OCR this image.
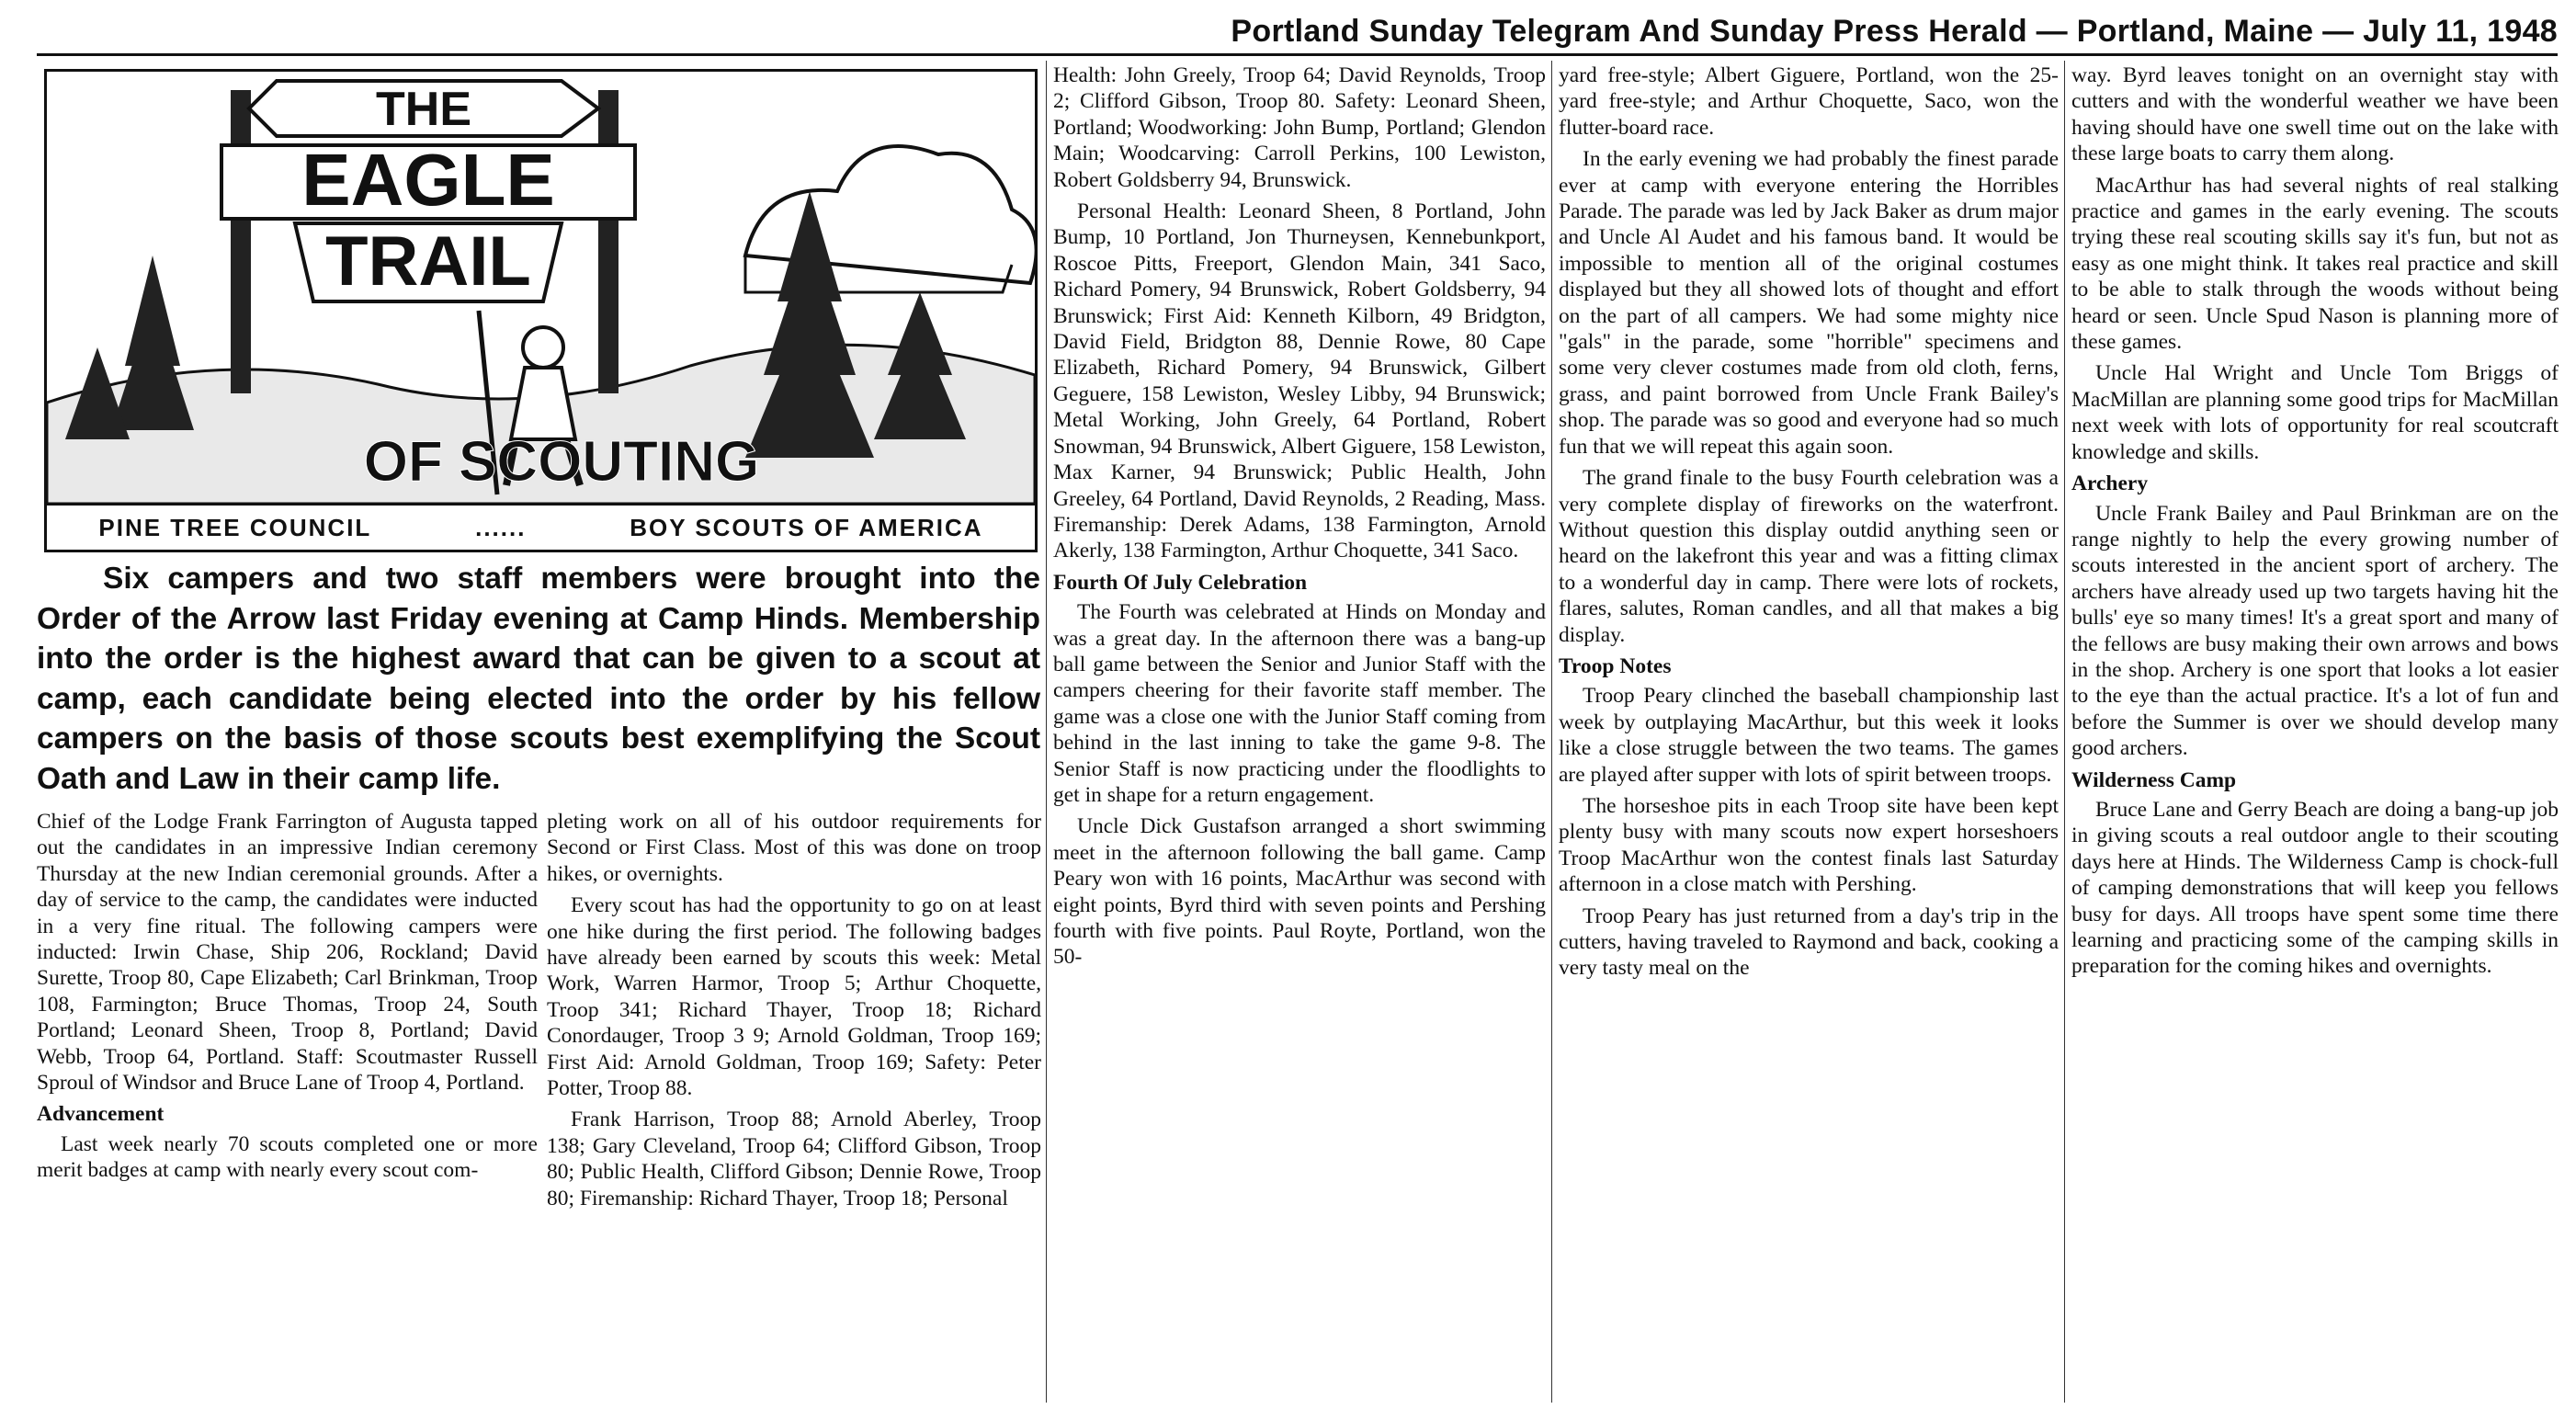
Portland Sunday Telegram And Sunday Press Herald — Portland, Maine — July 11, 1948
THE
EAGLE
TRAIL
OF SCOUTING
PINE TREE COUNCIL	......	BOY SCOUTS OF AMERICA

Six campers and two staff members were brought into the Order of the Arrow last Friday evening at Camp Hinds. Membership into the order is the highest award that can be given to a scout at camp, each candidate being elected into the order by his fellow campers on the basis of those scouts best exemplifying the Scout Oath and Law in their camp life.

Chief of the Lodge Frank Farrington of Augusta tapped out the candidates in an impressive Indian ceremony Thursday at the new Indian ceremonial grounds. After a day of service to the camp, the candidates were inducted in a very fine ritual. The following campers were inducted: Irwin Chase, Ship 206, Rockland; David Surette, Troop 80, Cape Elizabeth; Carl Brinkman, Troop 108, Farmington; Bruce Thomas, Troop 24, South Portland; Leonard Sheen, Troop 8, Portland; David Webb, Troop 64, Portland. Staff: Scoutmaster Russell Sproul of Windsor and Bruce Lane of Troop 4, Portland.

Advancement

Last week nearly 70 scouts completed one or more merit badges at camp with nearly every scout com-

pleting work on all of his outdoor requirements for Second or First Class. Most of this was done on troop hikes, or overnights.

Every scout has had the opportunity to go on at least one hike during the first period. The following badges have already been earned by scouts this week: Metal Work, Warren Harmor, Troop 5; Arthur Choquette, Troop 341; Richard Thayer, Troop 18; Richard Conordauger, Troop 3 9; Arnold Goldman, Troop 169; First Aid: Arnold Goldman, Troop 169; Safety: Peter Potter, Troop 88.

Frank Harrison, Troop 88; Arnold Aberley, Troop 138; Gary Cleveland, Troop 64; Clifford Gibson, Troop 80; Public Health, Clifford Gibson; Dennie Rowe, Troop 80; Firemanship: Richard Thayer, Troop 18; Personal

Health: John Greely, Troop 64; David Reynolds, Troop 2; Clifford Gibson, Troop 80. Safety: Leonard Sheen, Portland; Woodworking: John Bump, Portland; Glendon Main; Woodcarving: Carroll Perkins, 100 Lewiston, Robert Goldsberry 94, Brunswick.

Personal Health: Leonard Sheen, 8 Portland, John Bump, 10 Portland, Jon Thurneysen, Kennebunkport, Roscoe Pitts, Freeport, Glendon Main, 341 Saco, Richard Pomery, 94 Brunswick, Robert Goldsberry, 94 Brunswick; First Aid: Kenneth Kilborn, 49 Bridgton, David Field, Bridgton 88, Dennie Rowe, 80 Cape Elizabeth, Richard Pomery, 94 Brunswick, Gilbert Geguere, 158 Lewiston, Wesley Libby, 94 Brunswick; Metal Working, John Greely, 64 Portland, Robert Snowman, 94 Brunswick, Albert Giguere, 158 Lewiston, Max Karner, 94 Brunswick; Public Health, John Greeley, 64 Portland, David Reynolds, 2 Reading, Mass. Firemanship: Derek Adams, 138 Farmington, Arnold Akerly, 138 Farmington, Arthur Choquette, 341 Saco.

Fourth Of July Celebration

The Fourth was celebrated at Hinds on Monday and was a great day. In the afternoon there was a bang-up ball game between the Senior and Junior Staff with the campers cheering for their favorite staff member. The game was a close one with the Junior Staff coming from behind in the last inning to take the game 9-8. The Senior Staff is now practicing under the floodlights to get in shape for a return engagement.

Uncle Dick Gustafson arranged a short swimming meet in the afternoon following the ball game. Camp Peary won with 16 points, MacArthur was second with eight points, Byrd third with seven points and Pershing fourth with five points. Paul Royte, Portland, won the 50-

yard free-style; Albert Giguere, Portland, won the 25-yard free-style; and Arthur Choquette, Saco, won the flutter-board race.

In the early evening we had probably the finest parade ever at camp with everyone entering the Horribles Parade. The parade was led by Jack Baker as drum major and Uncle Al Audet and his famous band. It would be impossible to mention all of the original costumes displayed but they all showed lots of thought and effort on the part of all campers. We had some mighty nice "gals" in the parade, some "horrible" specimens and some very clever costumes made from old cloth, ferns, grass, and paint borrowed from Uncle Frank Bailey's shop. The parade was so good and everyone had so much fun that we will repeat this again soon.

The grand finale to the busy Fourth celebration was a very complete display of fireworks on the waterfront. Without question this display outdid anything seen or heard on the lakefront this year and was a fitting climax to a wonderful day in camp. There were lots of rockets, flares, salutes, Roman candles, and all that makes a big display.

Troop Notes

Troop Peary clinched the baseball championship last week by outplaying MacArthur, but this week it looks like a close struggle between the two teams. The games are played after supper with lots of spirit between troops.

The horseshoe pits in each Troop site have been kept plenty busy with many scouts now expert horseshoers Troop MacArthur won the contest finals last Saturday afternoon in a close match with Pershing.

Troop Peary has just returned from a day's trip in the cutters, having traveled to Raymond and back, cooking a very tasty meal on the

way. Byrd leaves tonight on an overnight stay with cutters and with the wonderful weather we have been having should have one swell time out on the lake with these large boats to carry them along.

MacArthur has had several nights of real stalking practice and games in the early evening. The scouts trying these real scouting skills say it's fun, but not as easy as one might think. It takes real practice and skill to be able to stalk through the woods without being heard or seen. Uncle Spud Nason is planning more of these games.

Uncle Hal Wright and Uncle Tom Briggs of MacMillan are planning some good trips for MacMillan next week with lots of opportunity for real scoutcraft knowledge and skills.

Archery

Uncle Frank Bailey and Paul Brinkman are on the range nightly to help the every growing number of scouts interested in the ancient sport of archery. The archers have already used up two targets having hit the bulls' eye so many times! It's a great sport and many of the fellows are busy making their own arrows and bows in the shop. Archery is one sport that looks a lot easier to the eye than the actual practice. It's a lot of fun and before the Summer is over we should develop many good archers.

Wilderness Camp

Bruce Lane and Gerry Beach are doing a bang-up job in giving scouts a real outdoor angle to their scouting days here at Hinds. The Wilderness Camp is chock-full of camping demonstrations that will keep you fellows busy for days. All troops have spent some time there learning and practicing some of the camping skills in preparation for the coming hikes and overnights.
